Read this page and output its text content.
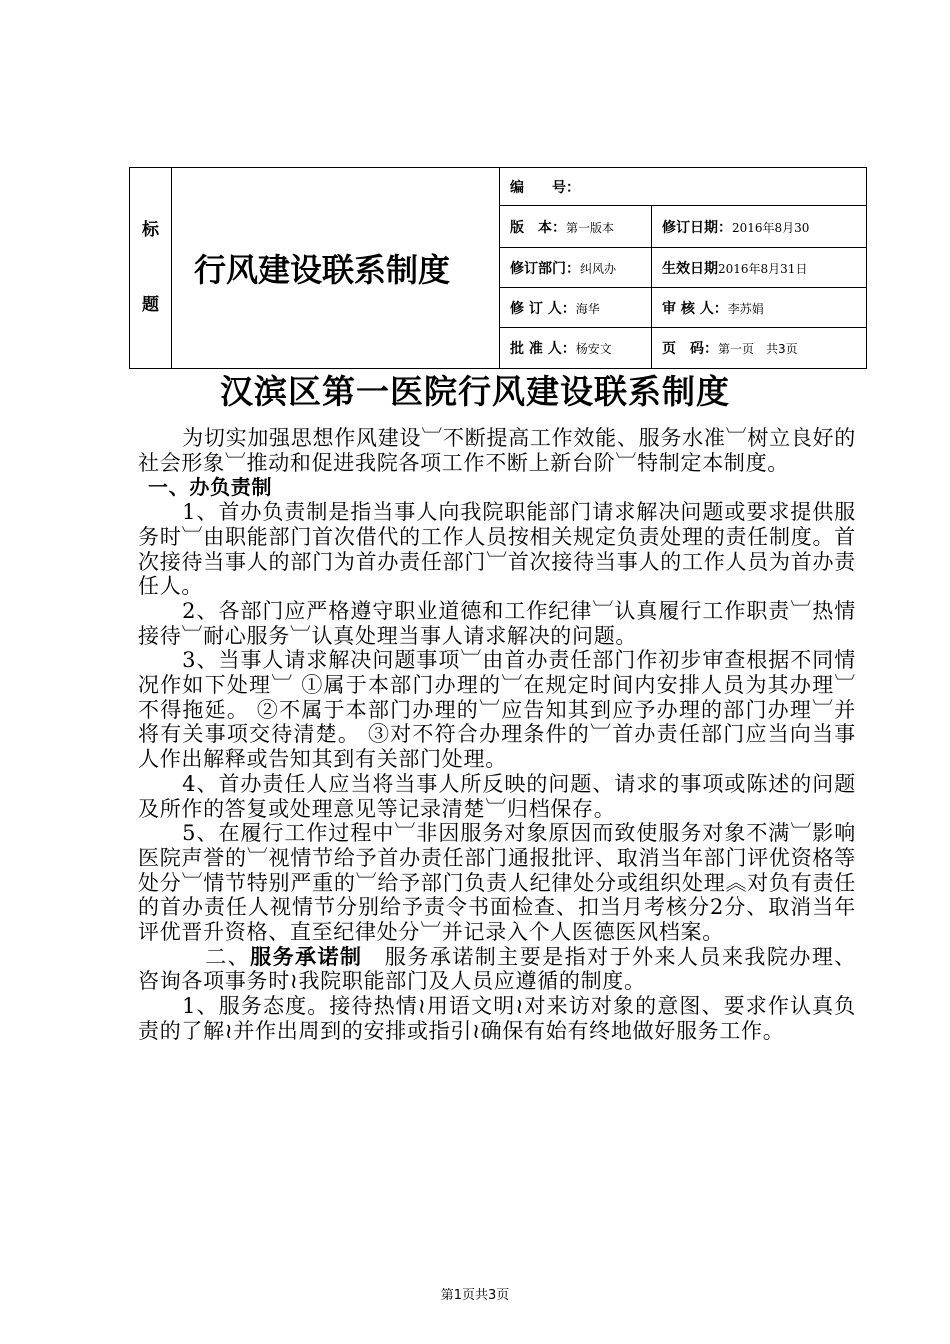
标
题	行风建设联系制度	编　　号：	
		版　本：第一版本	修订日期：2016年8月30
		修订部门：纠风办	生效日期2016年8月31日
		修 订 人：海华	审 核 人：李苏娟
		批 准 人：杨安文	页　码：第一页　共3页
汉滨区第一医院行风建设联系制度

为切实加强思想作风建设︺不断提高工作效能、服务水准︺树立良好的社会形象︺推动和促进我院各项工作不断上新台阶︺特制定本制度。

一、办负责制

1、首办负责制是指当事人向我院职能部门请求解决问题或要求提供服务时︺由职能部门首次借代的工作人员按相关规定负责处理的责任制度。首次接待当事人的部门为首办责任部门︺首次接待当事人的工作人员为首办责任人。

2、各部门应严格遵守职业道德和工作纪律︺认真履行工作职责︺热情接待︺耐心服务︺认真处理当事人请求解决的问题。

3、当事人请求解决问题事项︺由首办责任部门作初步审查根据不同情况作如下处理︺ ①属于本部门办理的︺在规定时间内安排人员为其办理︺不得拖延。 ②不属于本部门办理的︺应告知其到应予办理的部门办理︺并将有关事项交待清楚。 ③对不符合办理条件的︺首办责任部门应当向当事人作出解释或告知其到有关部门处理。

4、首办责任人应当将当事人所反映的问题、请求的事项或陈述的问题及所作的答复或处理意见等记录清楚︺归档保存。

5、在履行工作过程中︺非因服务对象原因而致使服务对象不满︺影响医院声誉的︺视情节给予首办责任部门通报批评、取消当年部门评优资格等处分︺情节特别严重的︺给予部门负责人纪律处分或组织处理︽对负有责任的首办责任人视情节分别给予责令书面检查、扣当月考核分2分、取消当年评优晋升资格、直至纪律处分︺并记录入个人医德医风档案。

二、服务承诺制　服务承诺制主要是指对于外来人员来我院办理、咨询各项事务时≀我院职能部门及人员应遵循的制度。

1、服务态度。接待热情≀用语文明≀对来访对象的意图、要求作认真负责的了解≀并作出周到的安排或指引≀确保有始有终地做好服务工作。

第1页共3页
